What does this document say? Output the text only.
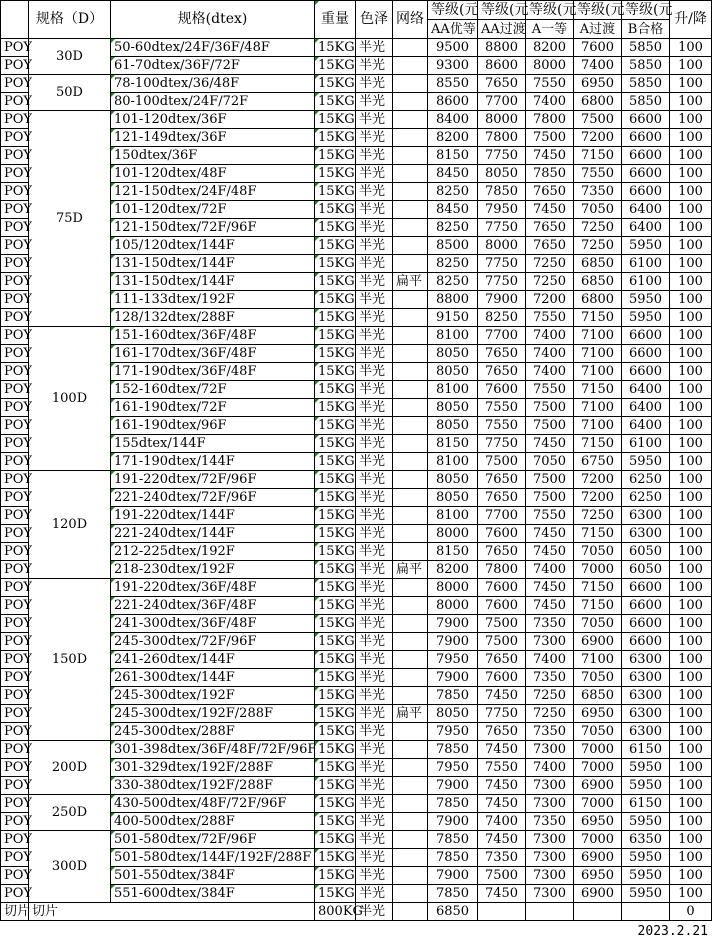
	规格（D）	规格(dtex)	重量	色泽	网络	等级(元	等级(元	等级(元	等级(元	等级(元	升/降
						AA优等	AA过渡	A一等	A过渡	B合格	
POY	30D	50-60dtex/24F/36F/48F	15KG	半光		9500	8800	8200	7600	5850	100
POY		61-70dtex/36F/72F	15KG	半光		9300	8600	8000	7400	5850	100
POY	50D	78-100dtex/36/48F	15KG	半光		8550	7650	7550	6950	5850	100
POY		80-100dtex/24F/72F	15KG	半光		8600	7700	7400	6800	5850	100
POY	75D	101-120dtex/36F	15KG	半光		8400	8000	7800	7500	6600	100
POY		121-149dtex/36F	15KG	半光		8200	7800	7500	7200	6600	100
POY		150dtex/36F	15KG	半光		8150	7750	7450	7150	6600	100
POY		101-120dtex/48F	15KG	半光		8450	8050	7850	7550	6600	100
POY		121-150dtex/24F/48F	15KG	半光		8250	7850	7650	7350	6600	100
POY		101-120dtex/72F	15KG	半光		8450	7950	7450	7050	6400	100
POY		121-150dtex/72F/96F	15KG	半光		8250	7750	7650	7250	6400	100
POY		105/120dtex/144F	15KG	半光		8500	8000	7650	7250	5950	100
POY		131-150dtex/144F	15KG	半光		8250	7750	7250	6850	6100	100
POY		131-150dtex/144F	15KG	半光	扁平	8250	7750	7250	6850	6100	100
POY		111-133dtex/192F	15KG	半光		8800	7900	7200	6800	5950	100
POY		128/132dtex/288F	15KG	半光		9150	8250	7550	7150	5950	100
POY	100D	151-160dtex/36F/48F	15KG	半光		8100	7700	7400	7100	6600	100
POY		161-170dtex/36F/48F	15KG	半光		8050	7650	7400	7100	6600	100
POY		171-190dtex/36F/48F	15KG	半光		8050	7650	7400	7100	6600	100
POY		152-160dtex/72F	15KG	半光		8100	7600	7550	7150	6400	100
POY		161-190dtex/72F	15KG	半光		8050	7550	7500	7100	6400	100
POY		161-190dtex/96F	15KG	半光		8050	7550	7500	7100	6400	100
POY		155dtex/144F	15KG	半光		8150	7750	7450	7150	6100	100
POY		171-190dtex/144F	15KG	半光		8100	7500	7050	6750	5950	100
POY	120D	191-220dtex/72F/96F	15KG	半光		8050	7650	7500	7200	6250	100
POY		221-240dtex/72F/96F	15KG	半光		8050	7650	7500	7200	6250	100
POY		191-220dtex/144F	15KG	半光		8100	7700	7550	7250	6300	100
POY		221-240dtex/144F	15KG	半光		8000	7600	7450	7150	6300	100
POY		212-225dtex/192F	15KG	半光		8150	7650	7450	7050	6050	100
POY		218-230dtex/192F	15KG	半光	扁平	8200	7800	7400	7000	6050	100
POY	150D	191-220dtex/36F/48F	15KG	半光		8000	7600	7450	7150	6600	100
POY		221-240dtex/36F/48F	15KG	半光		8000	7600	7450	7150	6600	100
POY		241-300dtex/36F/48F	15KG	半光		7900	7500	7350	7050	6600	100
POY		245-300dtex/72F/96F	15KG	半光		7900	7500	7300	6900	6600	100
POY		241-260dtex/144F	15KG	半光		7950	7650	7400	7100	6300	100
POY		261-300dtex/144F	15KG	半光		7900	7600	7350	7050	6300	100
POY		245-300dtex/192F	15KG	半光		7850	7450	7250	6850	6300	100
POY		245-300dtex/192F/288F	15KG	半光	扁平	8050	7750	7250	6950	6300	100
POY		245-300dtex/288F	15KG	半光		7950	7650	7350	7050	6300	100
POY	200D	301-398dtex/36F/48F/72F/96F	15KG	半光		7850	7450	7300	7000	6150	100
POY		301-329dtex/192F/288F	15KG	半光		7950	7550	7400	7000	5950	100
POY		330-380dtex/192F/288F	15KG	半光		7900	7450	7300	6900	5950	100
POY	250D	430-500dtex/48F/72F/96F	15KG	半光		7850	7450	7300	7000	6150	100
POY		400-500dtex/288F	15KG	半光		7900	7400	7350	6950	5950	100
POY	300D	501-580dtex/72F/96F	15KG	半光		7850	7450	7300	7000	6350	100
POY		501-580dtex/144F/192F/288F	15KG	半光		7850	7350	7300	6900	5950	100
POY		501-550dtex/384F	15KG	半光		7900	7500	7300	6950	5950	100
POY		551-600dtex/384F	15KG	半光		7850	7450	7300	6900	5950	100
切片	切片		800KG	半光		6850					0
2023.2.21
